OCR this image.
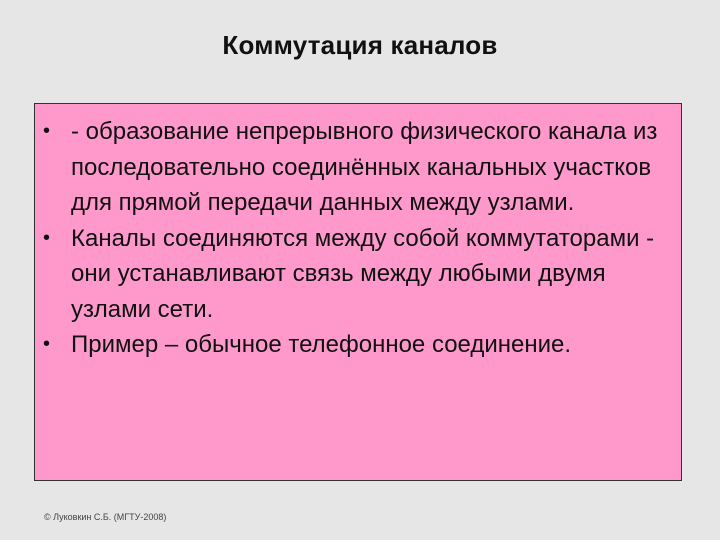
Коммутация каналов
• - образование непрерывного физического канала из последовательно соединённых канальных участков для прямой передачи данных между узлами.
• Каналы соединяются между собой коммутаторами - они устанавливают связь между любыми двумя узлами сети.
• Пример – обычное телефонное соединение.
© Луковкин С.Б. (МГТУ-2008)
